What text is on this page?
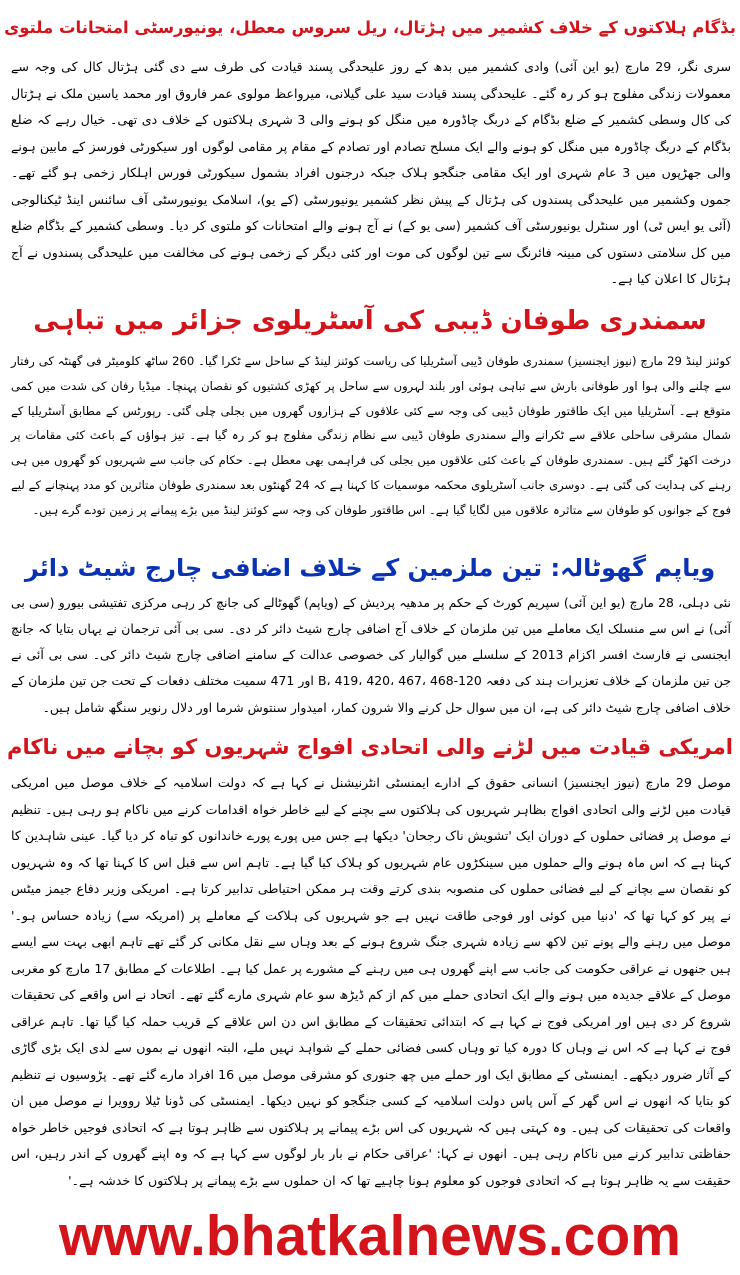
بڈگام ہلاکتوں کے خلاف کشمیر میں ہڑتال، ریل سروس معطل، یونیورسٹی امتحانات ملتوی

سری نگر، 29 مارچ (یو این آئی) وادی کشمیر میں بدھ کے روز علیحدگی پسند قیادت کی طرف سے دی گئی ہڑتال کال کی وجہ سے معمولات زندگی مفلوج ہو کر رہ گئے۔ علیحدگی پسند قیادت سید علی گیلانی، میرواعظ مولوی عمر فاروق اور محمد یاسین ملک نے ہڑتال کی کال وسطی کشمیر کے ضلع بڈگام کے دربگ چاڈورہ میں منگل کو ہونے والی 3 شہری ہلاکتوں کے خلاف دی تھی۔ خیال رہے کہ ضلع بڈگام کے دربگ چاڈورہ میں منگل کو ہونے والے ایک مسلح تصادم اور تصادم کے مقام پر مقامی لوگوں اور سیکورٹی فورسز کے مابین ہونے والی جھڑپوں میں 3 عام شہری اور ایک مقامی جنگجو ہلاک جبکہ درجنوں افراد بشمول سیکورٹی فورس اہلکار زخمی ہو گئے تھے۔ جموں وکشمیر میں علیحدگی پسندوں کی ہڑتال کے پیش نظر کشمیر یونیورسٹی (کے یو)، اسلامک یونیورسٹی آف سائنس اینڈ ٹیکنالوجی (آئی یو ایس ٹی) اور سنٹرل یونیورسٹی آف کشمیر (سی یو کے) نے آج ہونے والے امتحانات کو ملتوی کر دیا۔ وسطی کشمیر کے بڈگام ضلع میں کل سلامتی دستوں کی مبینہ فائرنگ سے تین لوگوں کی موت اور کئی دیگر کے زخمی ہونے کی مخالفت میں علیحدگی پسندوں نے آج ہڑتال کا اعلان کیا ہے۔

سمندری طوفان ڈیبی کی آسٹریلوی جزائر میں تباہی

کوئنز لینڈ 29 مارچ (نیوز ایجنسیز) سمندری طوفان ڈیبی آسٹریلیا کی ریاست کوئنز لینڈ کے ساحل سے ٹکرا گیا۔ 260 ساٹھ کلومیٹر فی گھنٹہ کی رفتار سے چلنے والی ہوا اور طوفانی بارش سے تباہی ہوئی اور بلند لہروں سے ساحل پر کھڑی کشتیوں کو نقصان پہنچا۔ میڈیا رفان کی شدت میں کمی متوقع ہے۔ آسٹریلیا میں ایک طاقتور طوفان ڈیبی کی وجہ سے کئی علاقوں کے ہزاروں گھروں میں بجلی چلی گئی۔ رپورٹس کے مطابق آسٹریلیا کے شمال مشرقی ساحلی علاقے سے ٹکرانے والے سمندری طوفان ڈیبی سے نظام زندگی مفلوج ہو کر رہ گیا ہے۔ تیز ہواؤں کے باعث کئی مقامات پر درخت اکھڑ گئے ہیں۔ سمندری طوفان کے باعث کئی علاقوں میں بجلی کی فراہمی بھی معطل ہے۔ حکام کی جانب سے شہریوں کو گھروں میں ہی رہنے کی ہدایت کی گئی ہے۔ دوسری جانب آسٹریلوی محکمہ موسمیات کا کہنا ہے کہ 24 گھنٹوں بعد سمندری طوفان متاثرین کو مدد پہنچانے کے لیے فوج کے جوانوں کو طوفان سے متاثرہ علاقوں میں لگایا گیا ہے۔ اس طاقتور طوفان کی وجہ سے کوئنز لینڈ میں بڑے پیمانے پر زمین تودے گرے ہیں۔

ویاپم گھوٹالہ: تین ملزمین کے خلاف اضافی چارج شیٹ دائر

نئی دہلی، 28 مارچ (یو این آئی) سپریم کورٹ کے حکم پر مدھیہ پردیش کے (ویاپم) گھوٹالے کی جانچ کر رہی مرکزی تفتیشی بیورو (سی بی آئی) نے اس سے منسلک ایک معاملے میں تین ملزمان کے خلاف آج اضافی چارج شیٹ دائر کر دی۔ سی بی آئی ترجمان نے یہاں بتایا کہ جانچ ایجنسی نے فارسٹ افسر اکزام 2013 کے سلسلے میں گوالیار کی خصوصی عدالت کے سامنے اضافی چارج شیٹ دائر کی۔ سی بی آئی نے جن تین ملزمان کے خلاف تعزیرات ہند کی دفعہ 120-B، 419، 420، 467، 468 اور 471 سمیت مختلف دفعات کے تحت جن تین ملزمان کے خلاف اضافی چارج شیٹ دائر کی ہے، ان میں سوال حل کرنے والا شرون کمار، امیدوار سنتوش شرما اور دلال رنویر سنگھ شامل ہیں۔

امریکی قیادت میں لڑنے والی اتحادی افواج شہریوں کو بچانے میں ناکام

موصل 29 مارچ (نیوز ایجنسیز) انسانی حقوق کے ادارے ایمنسٹی انٹرنیشنل نے کہا ہے کہ دولت اسلامیہ کے خلاف موصل میں امریکی قیادت میں لڑنے والی اتحادی افواج بظاہر شہریوں کی ہلاکتوں سے بچنے کے لیے خاطر خواہ اقدامات کرنے میں ناکام ہو رہی ہیں۔ تنظیم نے موصل پر فضائی حملوں کے دوران ایک 'تشویش ناک رجحان' دیکھا ہے جس میں پورے پورے خاندانوں کو تباہ کر دیا گیا۔ عینی شاہدین کا کہنا ہے کہ اس ماہ ہونے والے حملوں میں سینکڑوں عام شہریوں کو ہلاک کیا گیا ہے۔ تاہم اس سے قبل اس کا کہنا تھا کہ وہ شہریوں کو نقصان سے بچانے کے لیے فضائی حملوں کی منصوبہ بندی کرتے وقت ہر ممکن احتیاطی تدابیر کرتا ہے۔ امریکی وزیر دفاع جیمز میٹس نے پیر کو کہا تھا کہ 'دنیا میں کوئی اور فوجی طاقت نہیں ہے جو شہریوں کی ہلاکت کے معاملے پر (امریکہ سے) زیادہ حساس ہو۔' موصل میں رہنے والے پونے تین لاکھ سے زیادہ شہری جنگ شروع ہونے کے بعد وہاں سے نقل مکانی کر گئے تھے تاہم ابھی بہت سے ایسے ہیں جنھوں نے عراقی حکومت کی جانب سے اپنے گھروں ہی میں رہنے کے مشورے پر عمل کیا ہے۔ اطلاعات کے مطابق 17 مارچ کو مغربی موصل کے علاقے جدیدہ میں ہونے والے ایک اتحادی حملے میں کم از کم ڈیڑھ سو عام شہری مارے گئے تھے۔ اتحاد نے اس واقعے کی تحقیقات شروع کر دی ہیں اور امریکی فوج نے کہا ہے کہ ابتدائی تحقیقات کے مطابق اس دن اس علاقے کے قریب حملہ کیا گیا تھا۔ تاہم عراقی فوج نے کہا ہے کہ اس نے وہاں کا دورہ کیا تو وہاں کسی فضائی حملے کے شواہد نہیں ملے، البتہ انھوں نے بموں سے لدی ایک بڑی گاڑی کے آثار ضرور دیکھے۔ ایمنسٹی کے مطابق ایک اور حملے میں چھ جنوری کو مشرقی موصل میں 16 افراد مارے گئے تھے۔ پڑوسیوں نے تنظیم کو بتایا کہ انھوں نے اس گھر کے آس پاس دولت اسلامیہ کے کسی جنگجو کو نہیں دیکھا۔ ایمنسٹی کی ڈونا ٹیلا روویرا نے موصل میں ان واقعات کی تحقیقات کی ہیں۔ وہ کہتی ہیں کہ شہریوں کی اس بڑے پیمانے پر ہلاکتوں سے ظاہر ہوتا ہے کہ اتحادی فوجیں خاطر خواہ حفاظتی تدابیر کرنے میں ناکام رہی ہیں۔ انھوں نے کہا: 'عراقی حکام نے بار بار لوگوں سے کہا ہے کہ وہ اپنے گھروں کے اندر رہیں، اس حقیقت سے یہ ظاہر ہوتا ہے کہ اتحادی فوجوں کو معلوم ہونا چاہیے تھا کہ ان حملوں سے بڑے پیمانے پر ہلاکتوں کا خدشہ ہے۔'

www.bhatkalnews.com
